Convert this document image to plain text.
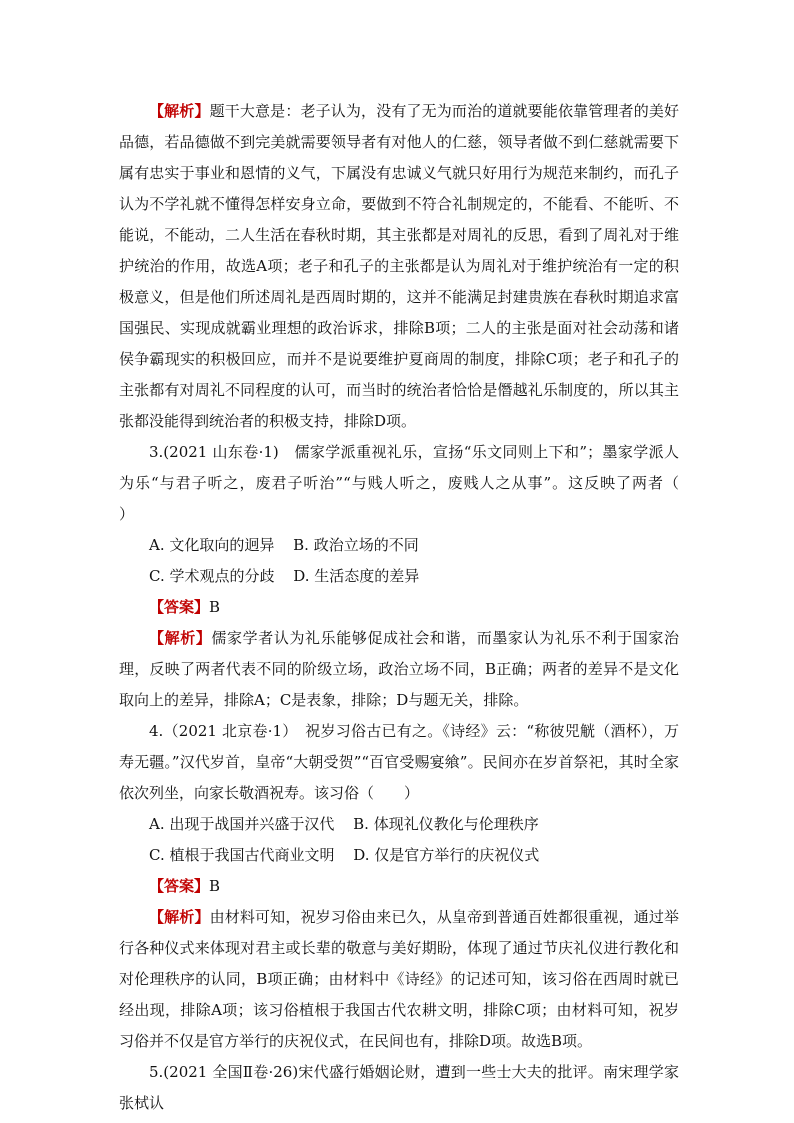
【解析】题干大意是：老子认为，没有了无为而治的道就要能依靠管理者的美好品德，若品德做不到完美就需要领导者有对他人的仁慈，领导者做不到仁慈就需要下属有忠实于事业和恩情的义气，下属没有忠诚义气就只好用行为规范来制约，而孔子认为不学礼就不懂得怎样安身立命，要做到不符合礼制规定的，不能看、不能听、不能说，不能动，二人生活在春秋时期，其主张都是对周礼的反思，看到了周礼对于维护统治的作用，故选A项；老子和孔子的主张都是认为周礼对于维护统治有一定的积极意义，但是他们所述周礼是西周时期的，这并不能满足封建贵族在春秋时期追求富国强民、实现成就霸业理想的政治诉求，排除B项；二人的主张是面对社会动荡和诸侯争霸现实的积极回应，而并不是说要维护夏商周的制度，排除C项；老子和孔子的主张都有对周礼不同程度的认可，而当时的统治者恰恰是僭越礼乐制度的，所以其主张都没能得到统治者的积极支持，排除D项。

3.(2021 山东卷·1)　儒家学派重视礼乐，宣扬“乐文同则上下和”；墨家学派人为乐“与君子听之，废君子听治”“与贱人听之，废贱人之从事”。这反映了两者（　　）

A. 文化取向的迥异 B. 政治立场的不同
C. 学术观点的分歧 D. 生活态度的差异

【答案】B

【解析】儒家学者认为礼乐能够促成社会和谐，而墨家认为礼乐不利于国家治理，反映了两者代表不同的阶级立场，政治立场不同，B正确；两者的差异不是文化取向上的差异，排除A；C是表象，排除；D与题无关，排除。

4.（2021 北京卷·1）　祝岁习俗古已有之。《诗经》云：“称彼兕觥（酒杯），万寿无疆。”汉代岁首，皇帝“大朝受贺”“百官受赐宴飨”。民间亦在岁首祭祀，其时全家依次列坐，向家长敬酒祝寿。该习俗（　　）

A. 出现于战国并兴盛于汉代 B. 体现礼仪教化与伦理秩序
C. 植根于我国古代商业文明 D. 仅是官方举行的庆祝仪式

【答案】B

【解析】由材料可知，祝岁习俗由来已久，从皇帝到普通百姓都很重视，通过举行各种仪式来体现对君主或长辈的敬意与美好期盼，体现了通过节庆礼仪进行教化和对伦理秩序的认同，B项正确；由材料中《诗经》的记述可知，该习俗在西周时就已经出现，排除A项；该习俗植根于我国古代农耕文明，排除C项；由材料可知，祝岁习俗并不仅是官方举行的庆祝仪式，在民间也有，排除D项。故选B项。

5.(2021 全国Ⅱ卷·26)宋代盛行婚姻论财，遭到一些士大夫的批评。南宋理学家张栻认
